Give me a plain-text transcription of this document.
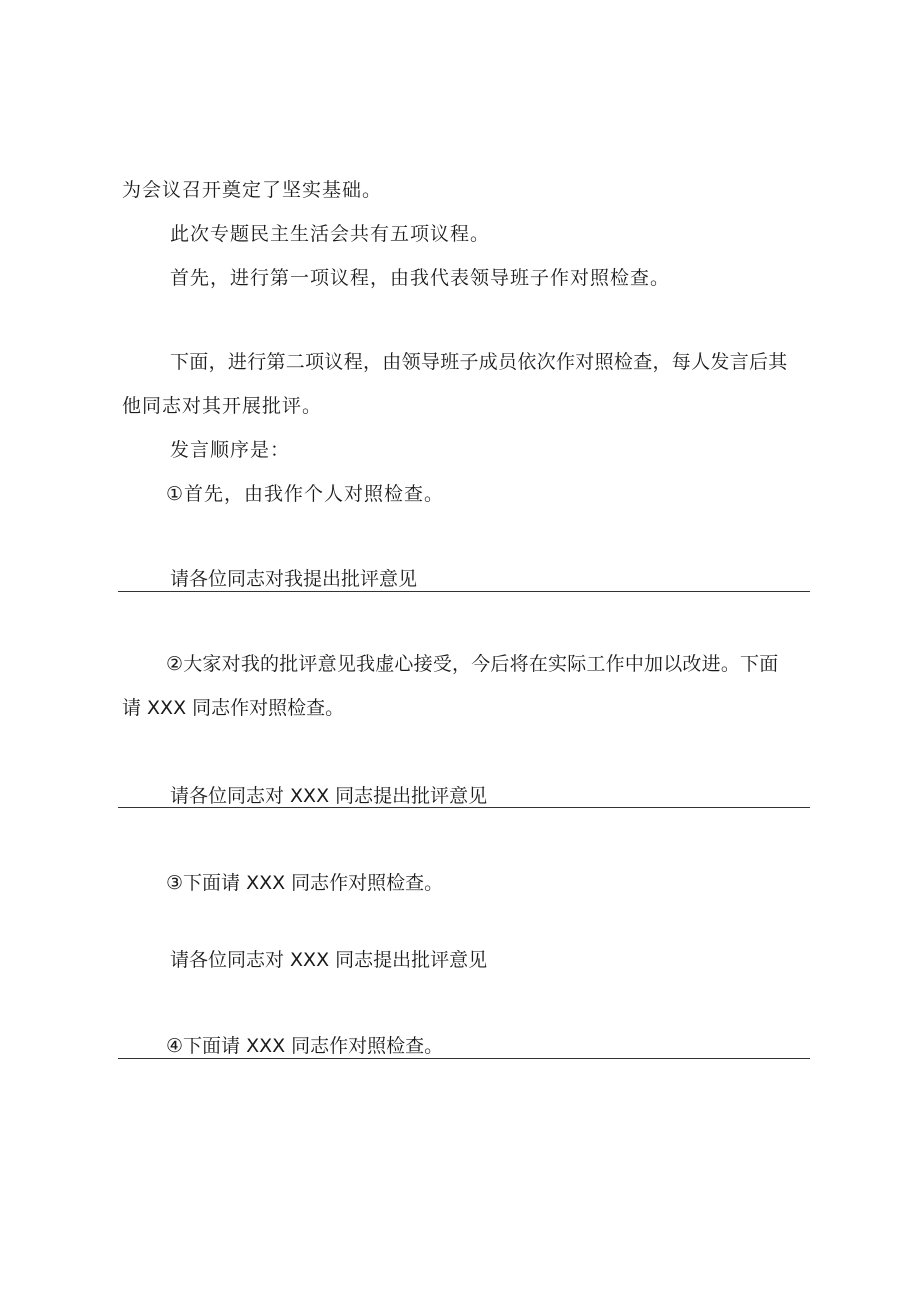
为会议召开奠定了坚实基础。
此次专题民主生活会共有五项议程。
首先，进行第一项议程，由我代表领导班子作对照检查。
下面，进行第二项议程，由领导班子成员依次作对照检查，每人发言后其
他同志对其开展批评。
发言顺序是：
①首先，由我作个人对照检查。
请各位同志对我提出批评意见
②大家对我的批评意见我虚心接受，今后将在实际工作中加以改进。下面
请 XXX 同志作对照检查。
请各位同志对 XXX 同志提出批评意见
③下面请 XXX 同志作对照检查。
请各位同志对 XXX 同志提出批评意见
④下面请 XXX 同志作对照检查。
